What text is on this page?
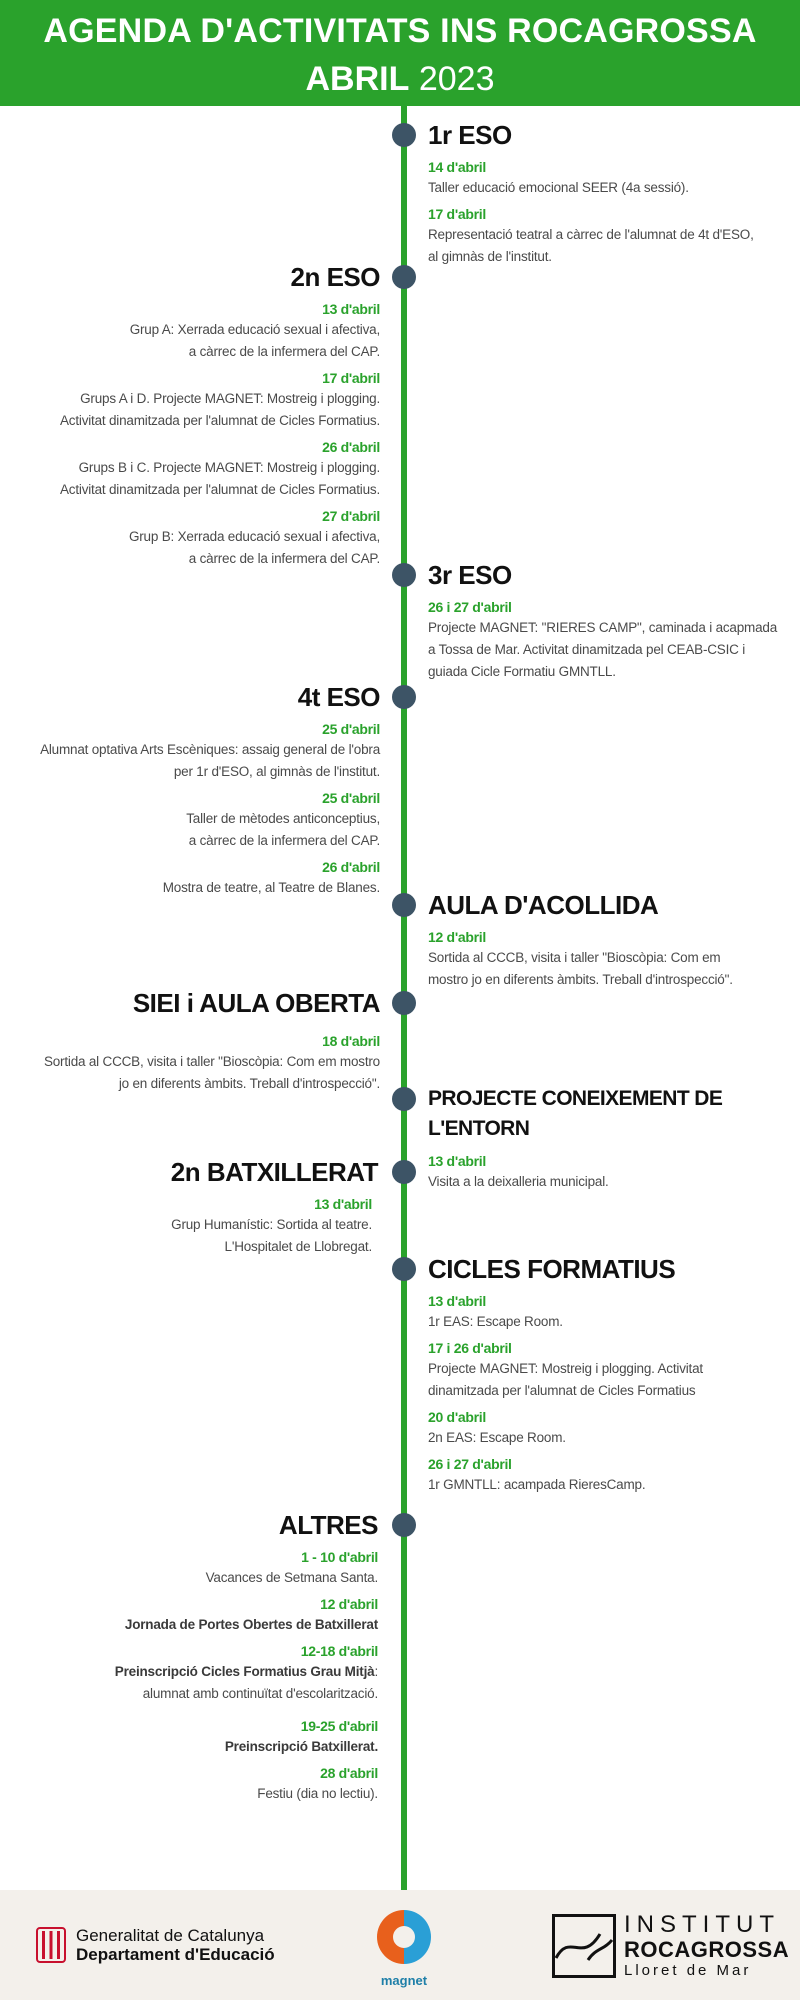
AGENDA D'ACTIVITATS INS ROCAGROSSA
ABRIL 2023
1r ESO
14 d'abril
Taller educació emocional SEER (4a sessió).
17 d'abril
Representació teatral a càrrec de l'alumnat de 4t d'ESO,
al gimnàs de l'institut.
2n ESO
13 d'abril
Grup A: Xerrada educació sexual i afectiva,
a càrrec de la infermera del CAP.
17 d'abril
Grups A i D. Projecte MAGNET: Mostreig i plogging.
Activitat dinamitzada per l'alumnat de Cicles Formatius.
26 d'abril
Grups B i C. Projecte MAGNET: Mostreig i plogging.
Activitat dinamitzada per l'alumnat de Cicles Formatius.
27 d'abril
Grup B: Xerrada educació sexual i afectiva,
a càrrec de la infermera del CAP.
3r ESO
26 i 27 d'abril
Projecte MAGNET: "RIERES CAMP", caminada i acapmada
a Tossa de Mar. Activitat dinamitzada pel CEAB-CSIC i
guiada Cicle Formatiu GMNTLL.
4t ESO
25 d'abril
Alumnat optativa Arts Escèniques: assaig general de l'obra
per 1r d'ESO, al gimnàs de l'institut.
25 d'abril
Taller de mètodes anticonceptius,
a càrrec de la infermera del CAP.
26 d'abril
Mostra de teatre, al Teatre de Blanes.
AULA D'ACOLLIDA
12 d'abril
Sortida al CCCB, visita i taller "Bioscòpia: Com em
mostro jo en diferents àmbits. Treball d'introspecció".
SIEI i AULA OBERTA
18 d'abril
Sortida al CCCB, visita i taller "Bioscòpia: Com em mostro
jo en diferents àmbits. Treball d'introspecció".
PROJECTE CONEIXEMENT DE L'ENTORN
13 d'abril
Visita a la deixalleria municipal.
2n BATXILLERAT
13 d'abril
Grup Humanístic: Sortida al teatre.
L'Hospitalet de Llobregat.
CICLES FORMATIUS
13 d'abril
1r EAS: Escape Room.
17 i 26 d'abril
Projecte MAGNET: Mostreig i plogging. Activitat
dinamitzada per l'alumnat de Cicles Formatius
20 d'abril
2n EAS: Escape Room.
26 i 27 d'abril
1r GMNTLL: acampada RieresCamp.
ALTRES
1 - 10 d'abril
Vacances de Setmana Santa.
12 d'abril
Jornada de Portes Obertes de Batxillerat
12-18 d'abril
Preinscripció Cicles Formatius Grau Mitjà:
alumnat amb continuïtat d'escolarització.
19-25 d'abril
Preinscripció Batxillerat.
28 d'abril
Festiu (dia no lectiu).
Generalitat de Catalunya
Departament d'Educació
magnet
INSTITUT
ROCAGROSSA
Lloret de Mar
